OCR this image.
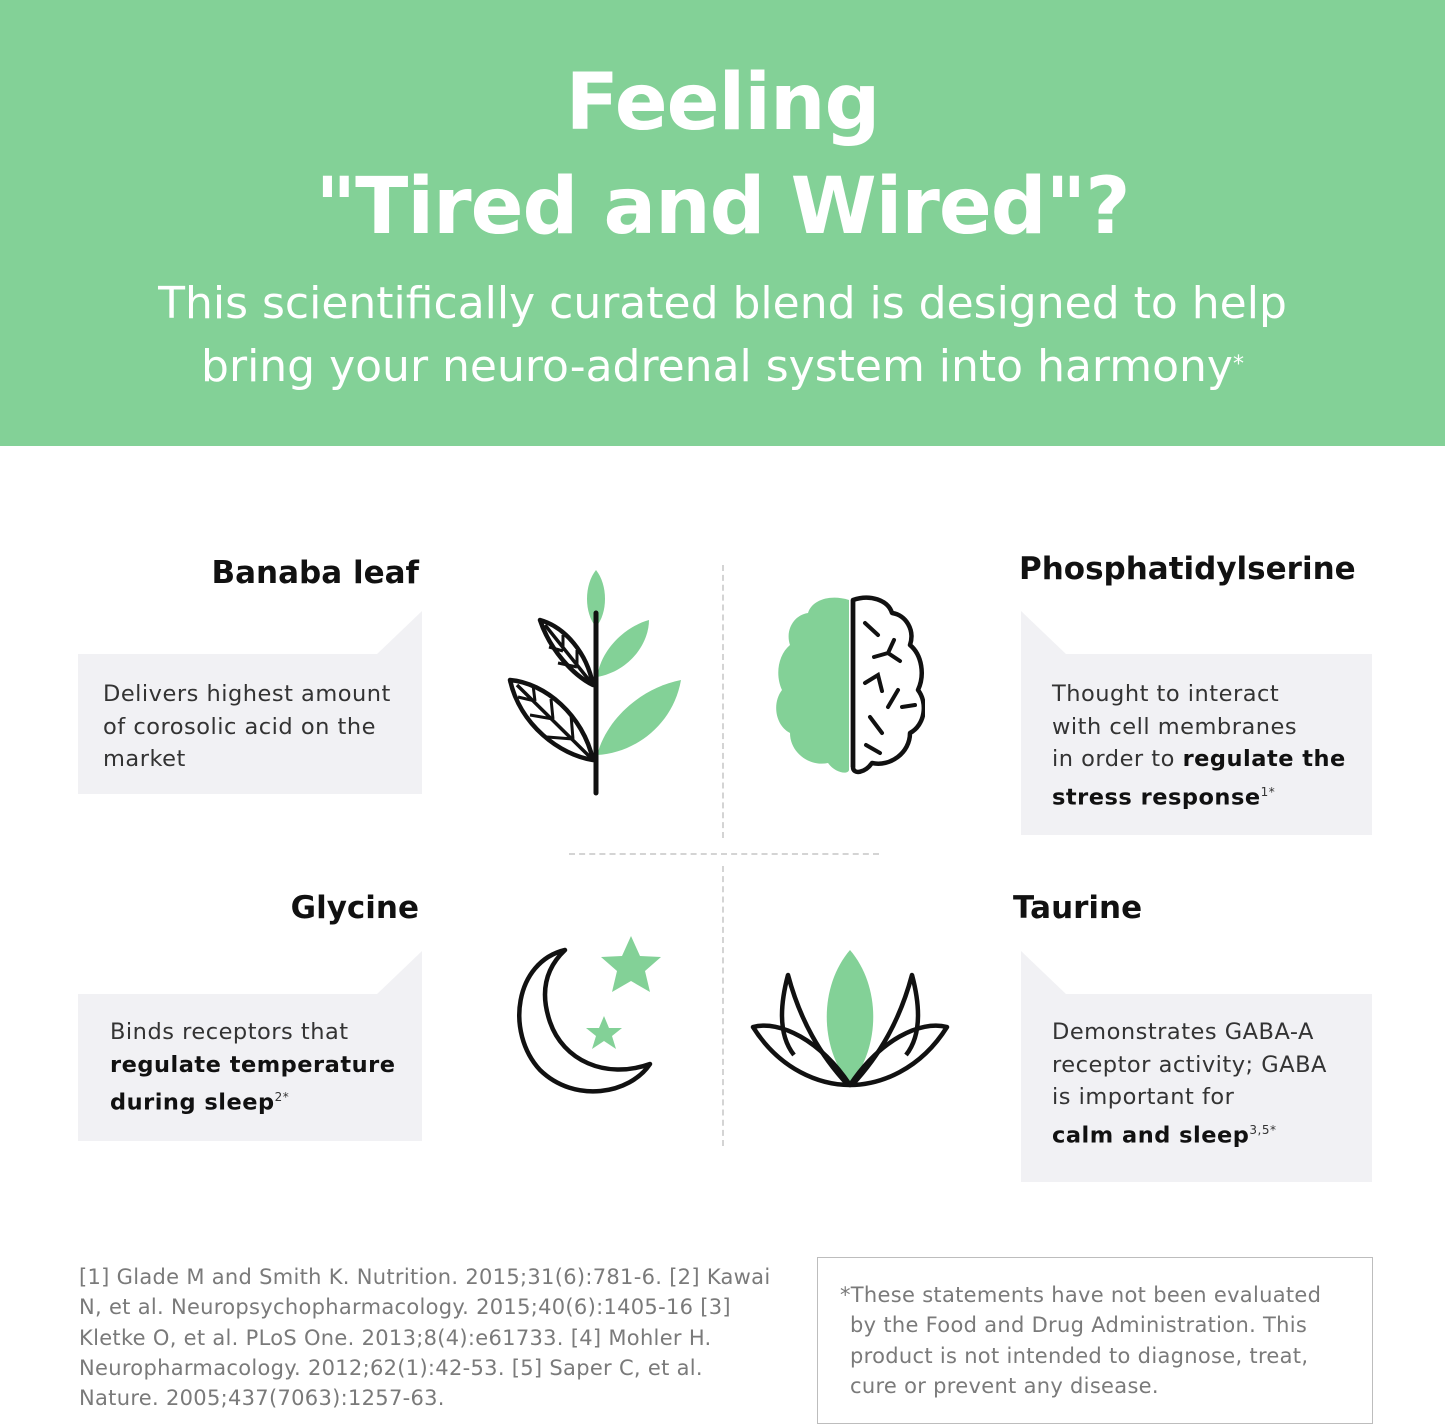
Feeling
"Tired and Wired"?
This scientifically curated blend is designed to help
bring your neuro-adrenal system into harmony*
Banaba leaf
Delivers highest amount
of corosolic acid on the
market
Phosphatidylserine
Thought to interact
with cell membranes
in order to regulate the
stress response$^{1*}$
Glycine
Binds receptors that
regulate temperature
during sleep$^{2*}$
Taurine
Demonstrates GABA-A
receptor activity; GABA
is important for
calm and sleep$^{3,5*}$
[1] Glade M and Smith K. Nutrition. 2015;31(6):781-6. [2] Kawai
N, et al. Neuropsychopharmacology. 2015;40(6):1405-16 [3]
Kletke O, et al. PLoS One. 2013;8(4):e61733. [4] Mohler H.
Neuropharmacology. 2012;62(1):42-53. [5] Saper C, et al.
Nature. 2005;437(7063):1257-63.
*These statements have not been evaluated
by the Food and Drug Administration. This
product is not intended to diagnose, treat,
cure or prevent any disease.
